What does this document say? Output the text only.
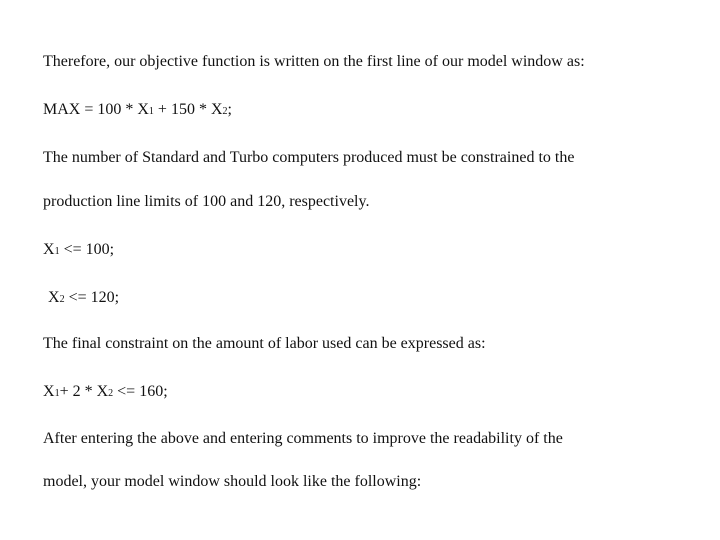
Therefore, our objective function is written on the first line of our model window as:
MAX = 100 * X1 + 150 * X2;
The number of Standard and Turbo computers produced must be constrained to the
production line limits of 100 and 120, respectively.
X1 <= 100;
X2 <= 120;
The final constraint on the amount of labor used can be expressed as:
X1+ 2 * X2 <= 160;
After entering the above and entering comments to improve the readability of the
model, your model window should look like the following:
